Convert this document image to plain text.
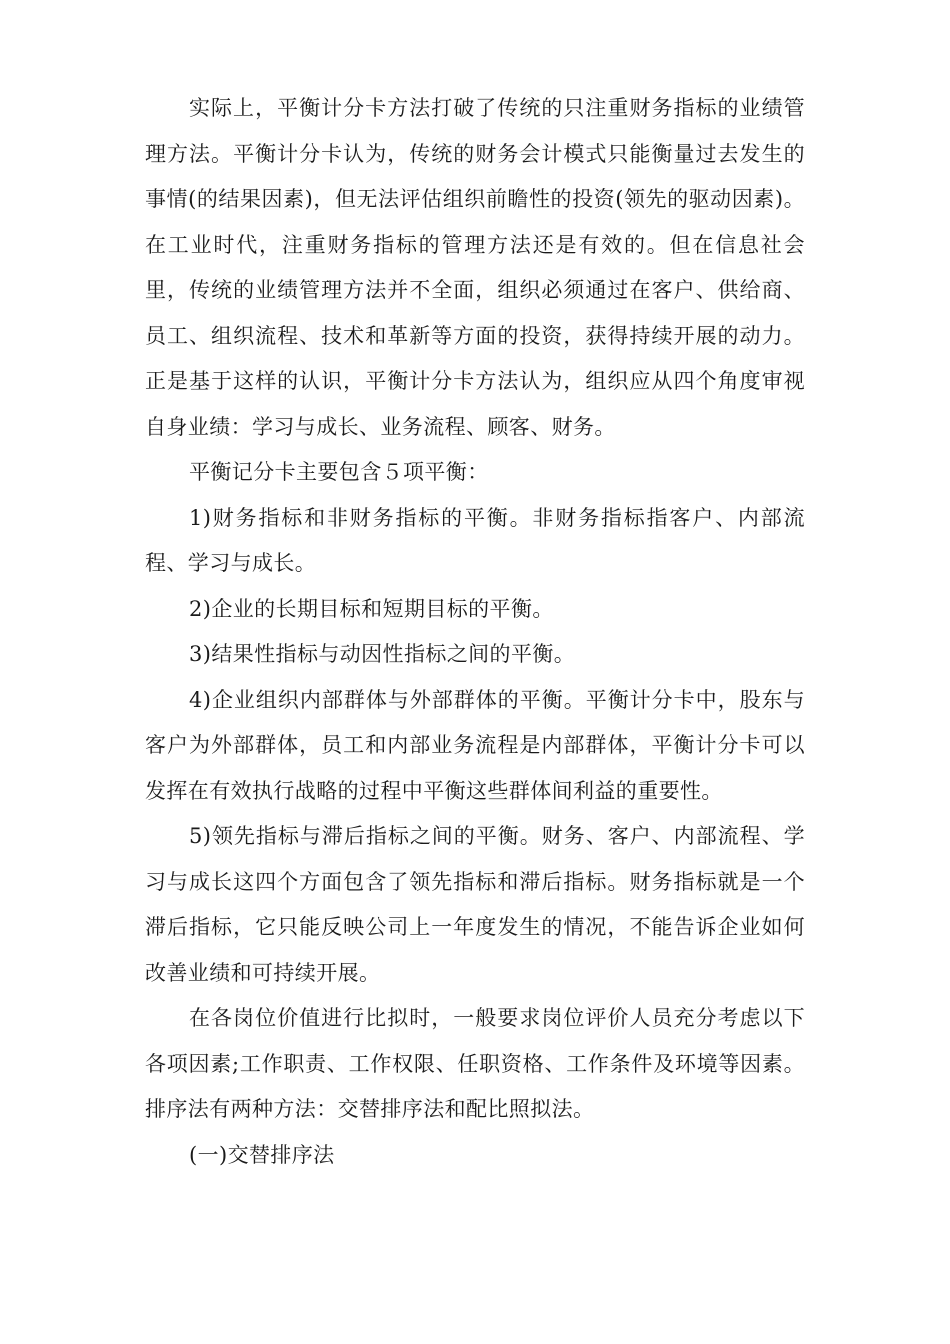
实际上，平衡计分卡方法打破了传统的只注重财务指标的业绩管理方法。平衡计分卡认为，传统的财务会计模式只能衡量过去发生的事情(的结果因素)，但无法评估组织前瞻性的投资(领先的驱动因素)。在工业时代，注重财务指标的管理方法还是有效的。但在信息社会里，传统的业绩管理方法并不全面，组织必须通过在客户、供给商、员工、组织流程、技术和革新等方面的投资，获得持续开展的动力。正是基于这样的认识，平衡计分卡方法认为，组织应从四个角度审视自身业绩：学习与成长、业务流程、顾客、财务。

平衡记分卡主要包含５项平衡：

1)财务指标和非财务指标的平衡。非财务指标指客户、内部流程、学习与成长。

2)企业的长期目标和短期目标的平衡。

3)结果性指标与动因性指标之间的平衡。

4)企业组织内部群体与外部群体的平衡。平衡计分卡中，股东与客户为外部群体，员工和内部业务流程是内部群体，平衡计分卡可以发挥在有效执行战略的过程中平衡这些群体间利益的重要性。

5)领先指标与滞后指标之间的平衡。财务、客户、内部流程、学习与成长这四个方面包含了领先指标和滞后指标。财务指标就是一个滞后指标，它只能反映公司上一年度发生的情况，不能告诉企业如何改善业绩和可持续开展。

在各岗位价值进行比拟时，一般要求岗位评价人员充分考虑以下各项因素;工作职责、工作权限、任职资格、工作条件及环境等因素。排序法有两种方法：交替排序法和配比照拟法。

(一)交替排序法
